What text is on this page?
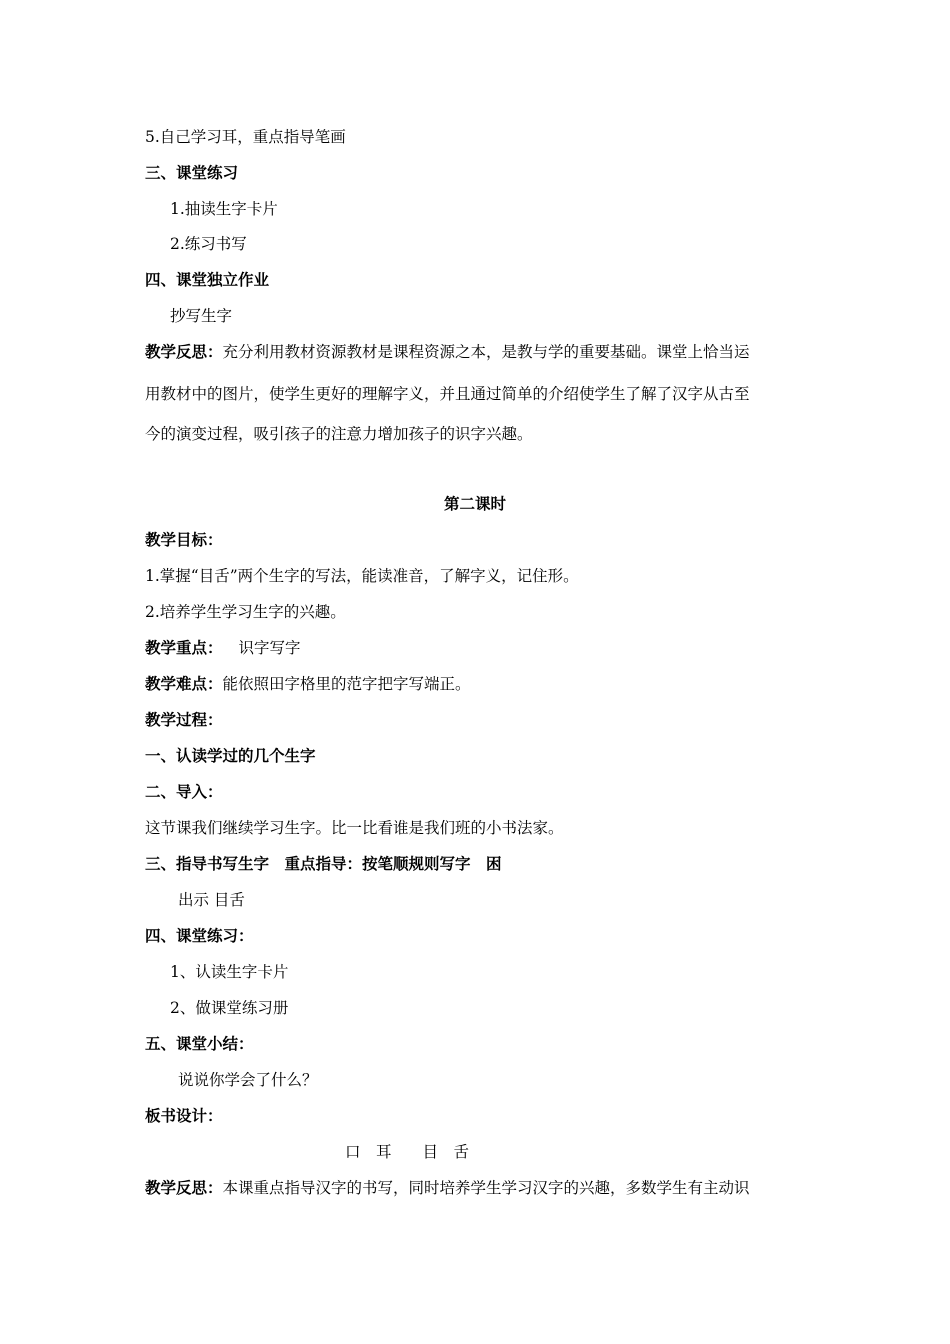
5.自己学习耳，重点指导笔画
三、课堂练习
1.抽读生字卡片
2.练习书写
四、课堂独立作业
抄写生字
教学反思：充分利用教材资源教材是课程资源之本，是教与学的重要基础。课堂上恰当运
用教材中的图片，使学生更好的理解字义，并且通过简单的介绍使学生了解了汉字从古至
今的演变过程，吸引孩子的注意力增加孩子的识字兴趣。
第二课时
教学目标：
1.掌握“目舌”两个生字的写法，能读准音，了解字义，记住形。
2.培养学生学习生字的兴趣。
教学重点： 识字写字
教学难点：能依照田字格里的范字把字写端正。
教学过程：
一、认读学过的几个生字
二、导入：
这节课我们继续学习生字。比一比看谁是我们班的小书法家。
三、指导书写生字　重点指导：按笔顺规则写字　困
出示 目舌
四、课堂练习：
1、认读生字卡片
2、做课堂练习册
五、课堂小结：
说说你学会了什么？
板书设计：
口　耳　　目　舌
教学反思：本课重点指导汉字的书写，同时培养学生学习汉字的兴趣，多数学生有主动识
